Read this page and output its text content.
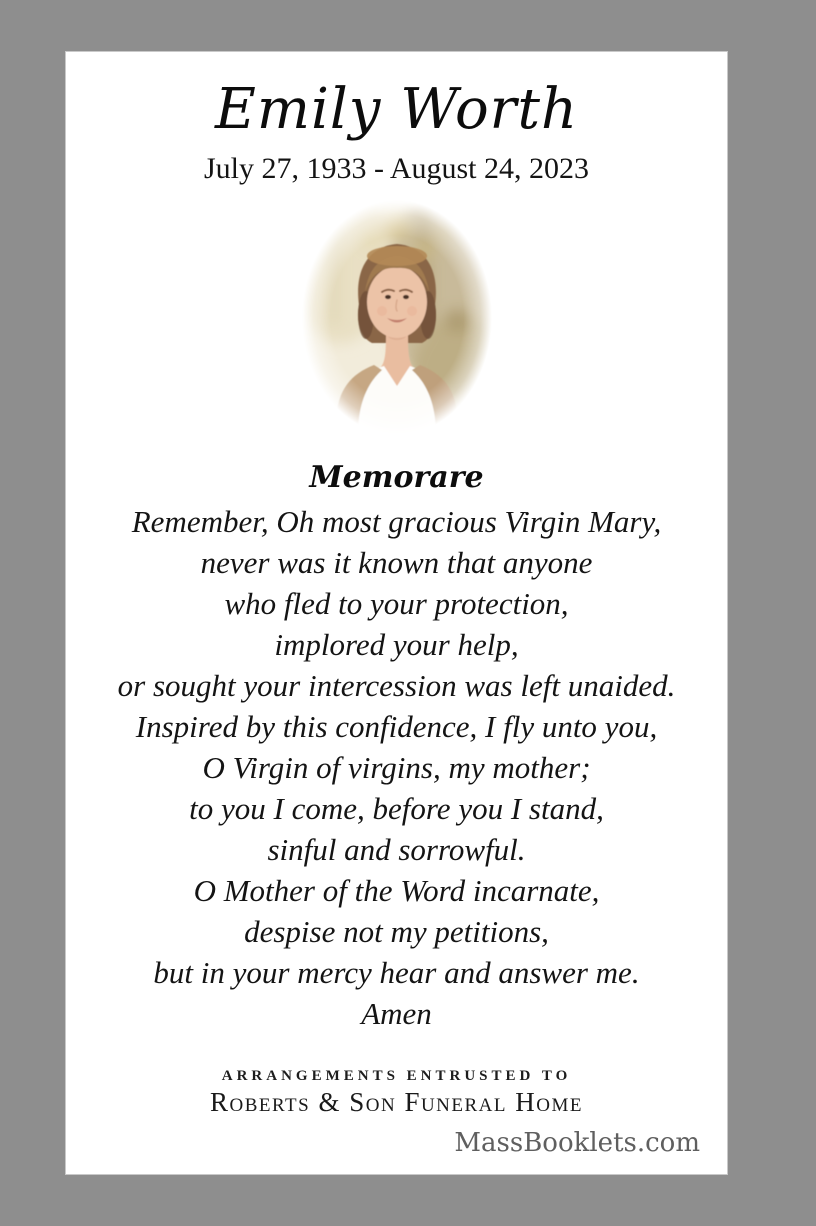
Emily Worth
July 27, 1933 - August 24, 2023
Memorare
Remember, Oh most gracious Virgin Mary,
never was it known that anyone
who fled to your protection,
implored your help,
or sought your intercession was left unaided.
Inspired by this confidence, I fly unto you,
O Virgin of virgins, my mother;
to you I come, before you I stand,
sinful and sorrowful.
O Mother of the Word incarnate,
despise not my petitions,
but in your mercy hear and answer me.
Amen
ARRANGEMENTS ENTRUSTED TO
Roberts & Son Funeral Home
MassBooklets.com
